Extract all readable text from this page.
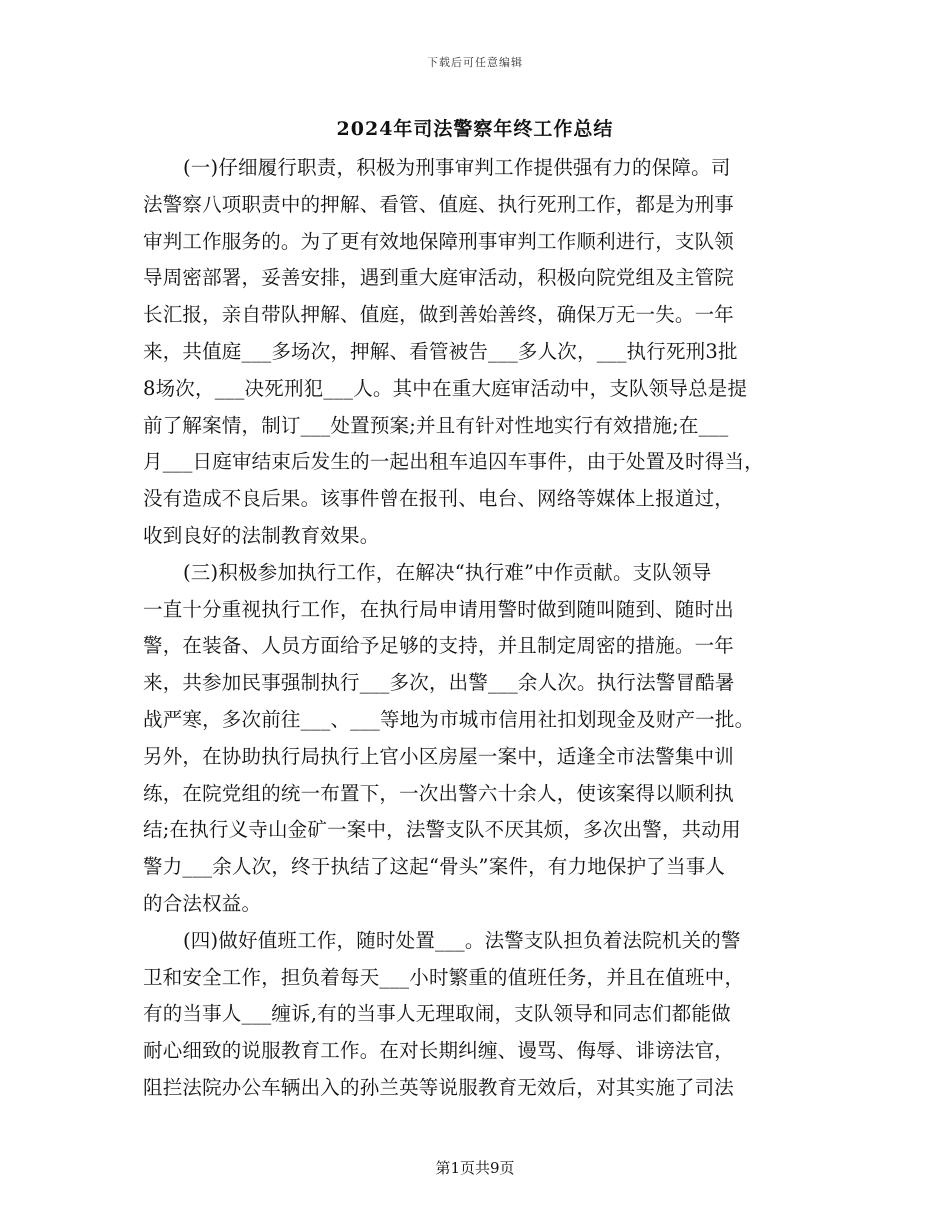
下载后可任意编辑
2024年司法警察年终工作总结
(一)仔细履行职责，积极为刑事审判工作提供强有力的保障。司
法警察八项职责中的押解、看管、值庭、执行死刑工作，都是为刑事
审判工作服务的。为了更有效地保障刑事审判工作顺利进行，支队领
导周密部署，妥善安排，遇到重大庭审活动，积极向院党组及主管院
长汇报，亲自带队押解、值庭，做到善始善终，确保万无一失。一年
来，共值庭___多场次，押解、看管被告___多人次，___执行死刑3批
8场次，___决死刑犯___人。其中在重大庭审活动中，支队领导总是提
前了解案情，制订___处置预案;并且有针对性地实行有效措施;在___
月___日庭审结束后发生的一起出租车追囚车事件，由于处置及时得当，
没有造成不良后果。该事件曾在报刊、电台、网络等媒体上报道过，
收到良好的法制教育效果。
(三)积极参加执行工作，在解决“执行难”中作贡献。支队领导
一直十分重视执行工作，在执行局申请用警时做到随叫随到、随时出
警，在装备、人员方面给予足够的支持，并且制定周密的措施。一年
来，共参加民事强制执行___多次，出警___余人次。执行法警冒酷暑
战严寒，多次前往___、___等地为市城市信用社扣划现金及财产一批。
另外，在协助执行局执行上官小区房屋一案中，适逢全市法警集中训
练，在院党组的统一布置下，一次出警六十余人，使该案得以顺利执
结;在执行义寺山金矿一案中，法警支队不厌其烦，多次出警，共动用
警力___余人次，终于执结了这起“骨头”案件，有力地保护了当事人
的合法权益。
(四)做好值班工作，随时处置___。法警支队担负着法院机关的警
卫和安全工作，担负着每天___小时繁重的值班任务，并且在值班中，
有的当事人___缠诉,有的当事人无理取闹，支队领导和同志们都能做
耐心细致的说服教育工作。在对长期纠缠、谩骂、侮辱、诽谤法官，
阻拦法院办公车辆出入的孙兰英等说服教育无效后，对其实施了司法
第1页共9页
